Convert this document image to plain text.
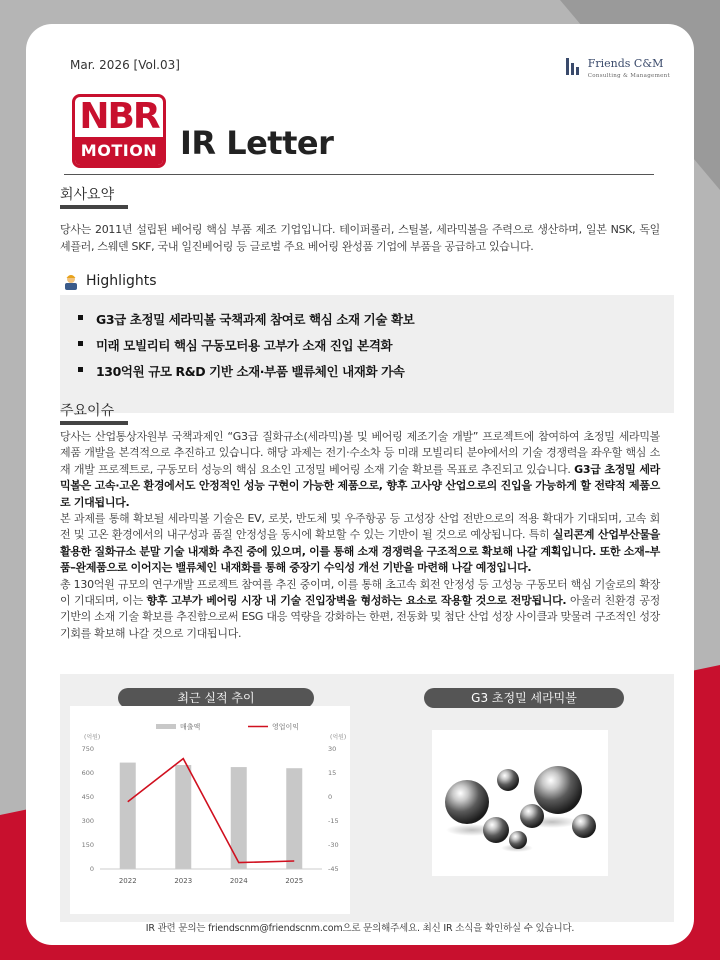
Mar. 2026 [Vol.03]	Friends C&M
Consulting & Management
NBR
MOTION IR Letter
회사요약
당사는 2011년 설립된 베어링 핵심 부품 제조 기업입니다. 테이퍼롤러, 스틸볼, 세라믹볼을 주력으로 생산하며, 일본 NSK, 독일 셰플러, 스웨덴 SKF, 국내 일진베어링 등 글로벌 주요 베어링 완성품 기업에 부품을 공급하고 있습니다.
Highlights
G3급 초정밀 세라믹볼 국책과제 참여로 핵심 소재 기술 확보
미래 모빌리티 핵심 구동모터용 고부가 소재 진입 본격화
130억원 규모 R&D 기반 소재·부품 밸류체인 내재화 가속
주요이슈
당사는 산업통상자원부 국책과제인 “G3급 질화규소(세라믹)볼 및 베어링 제조기술 개발” 프로젝트에 참여하여 초정밀 세라믹볼 제품 개발을 본격적으로 추진하고 있습니다. 해당 과제는 전기·수소차 등 미래 모빌리티 분야에서의 기술 경쟁력을 좌우할 핵심 소재 개발 프로젝트로, 구동모터 성능의 핵심 요소인 고정밀 베어링 소재 기술 확보를 목표로 추진되고 있습니다. G3급 초정밀 세라믹볼은 고속·고온 환경에서도 안정적인 성능 구현이 가능한 제품으로, 향후 고사양 산업으로의 진입을 가능하게 할 전략적 제품으로 기대됩니다.
본 과제를 통해 확보될 세라믹볼 기술은 EV, 로봇, 반도체 및 우주항공 등 고성장 산업 전반으로의 적용 확대가 기대되며, 고속 회전 및 고온 환경에서의 내구성과 품질 안정성을 동시에 확보할 수 있는 기반이 될 것으로 예상됩니다. 특히 실리콘계 산업부산물을 활용한 질화규소 분말 기술 내재화 추진 중에 있으며, 이를 통해 소재 경쟁력을 구조적으로 확보해 나갈 계획입니다. 또한 소재–부품–완제품으로 이어지는 밸류체인 내재화를 통해 중장기 수익성 개선 기반을 마련해 나갈 예정입니다.
총 130억원 규모의 연구개발 프로젝트 참여를 추진 중이며, 이를 통해 초고속 회전 안정성 등 고성능 구동모터 핵심 기술로의 확장이 기대되며, 이는 향후 고부가 베어링 시장 내 기술 진입장벽을 형성하는 요소로 작용할 것으로 전망됩니다. 아울러 친환경 공정 기반의 소재 기술 확보를 추진함으로써 ESG 대응 역량을 강화하는 한편, 전동화 및 첨단 산업 성장 사이클과 맞물려 구조적인 성장 기회를 확보해 나갈 것으로 기대됩니다.
최근 실적 추이	G3 초정밀 세라믹볼
(억원)	(억원)
0
150
300
450
600
750
-45
-30
-15
0
15
30
2022	2023	2024	2025
매출액	영업이익
IR 관련 문의는 friendscnm@friendscnm.com으로 문의해주세요. 최신 IR 소식을 확인하실 수 있습니다.
